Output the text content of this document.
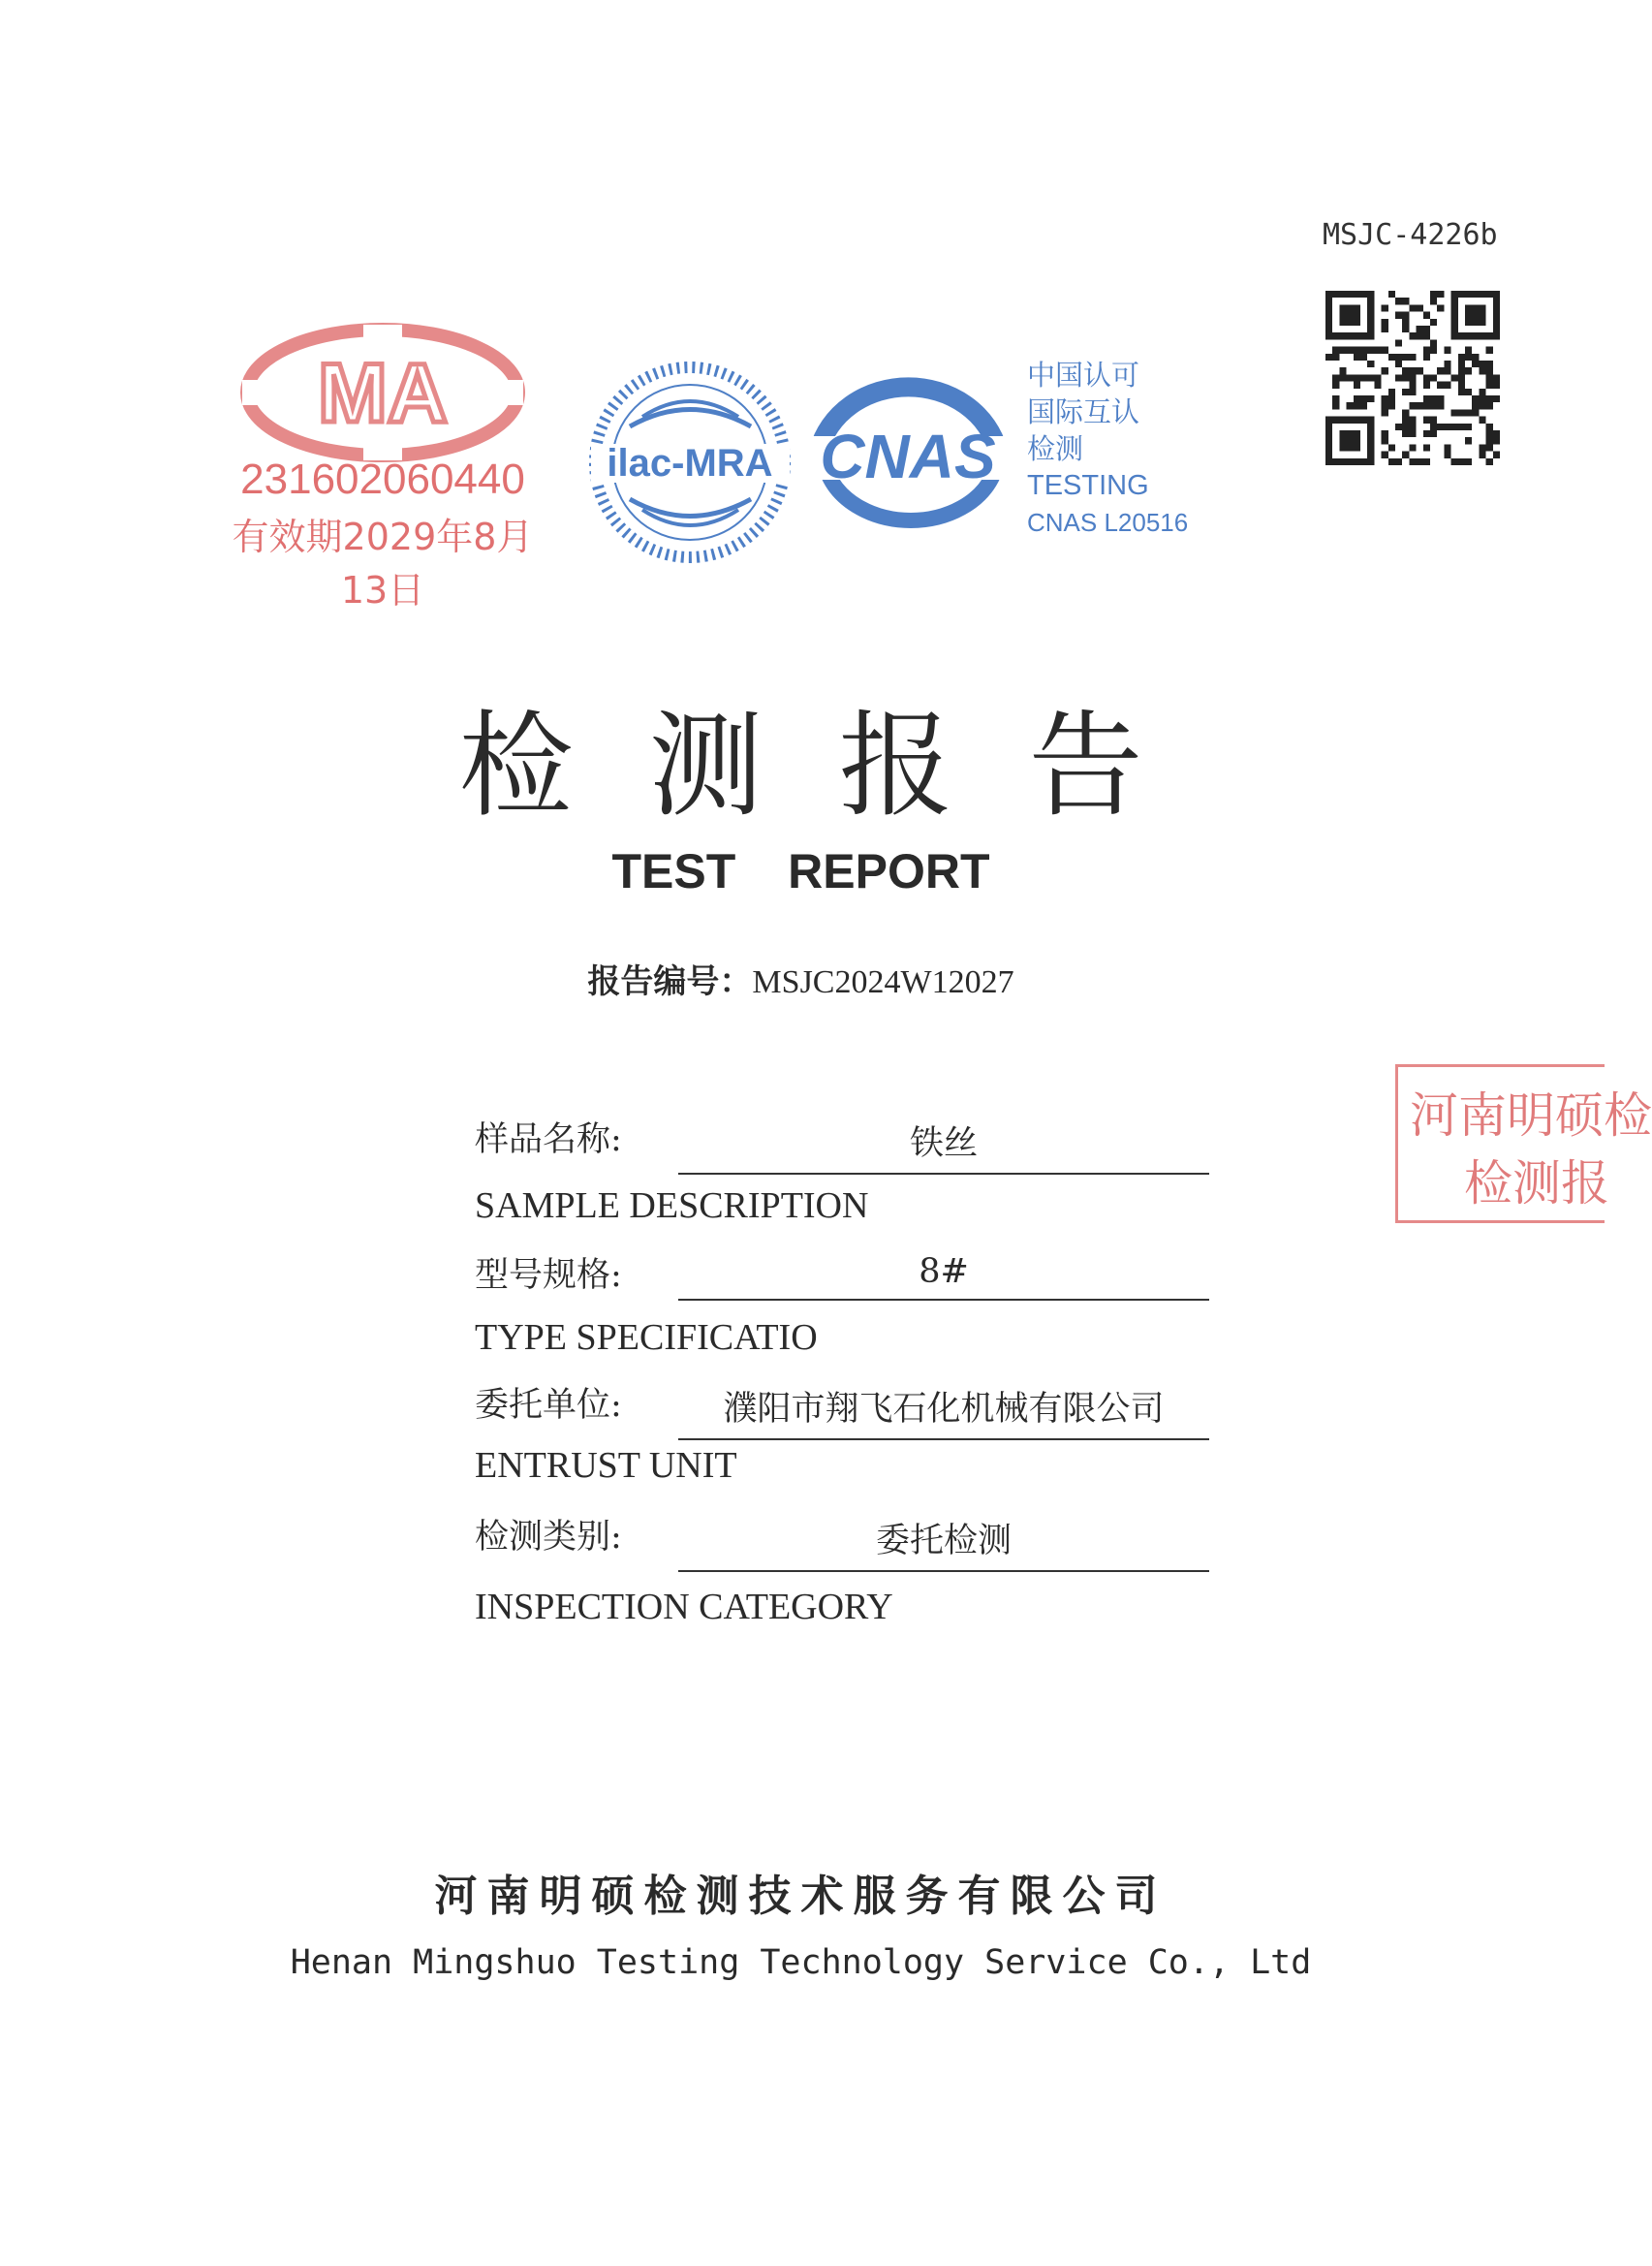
MSJC-4226b
MA
231602060440
有效期2029年8月13日
ilac-MRA CNAS
中国认可
国际互认
检测
TESTING
CNAS L20516
检测报告
TEST REPORT
报告编号：MSJC2024W12027
样品名称:	铁丝
SAMPLE DESCRIPTION
型号规格:	8#
TYPE SPECIFICATIO
委托单位:	濮阳市翔飞石化机械有限公司
ENTRUST UNIT
检测类别:	委托检测
INSPECTION CATEGORY
河南明硕检测技术服务有限公司
Henan Mingshuo Testing Technology Service Co., Ltd
河南明硕检
检测报
